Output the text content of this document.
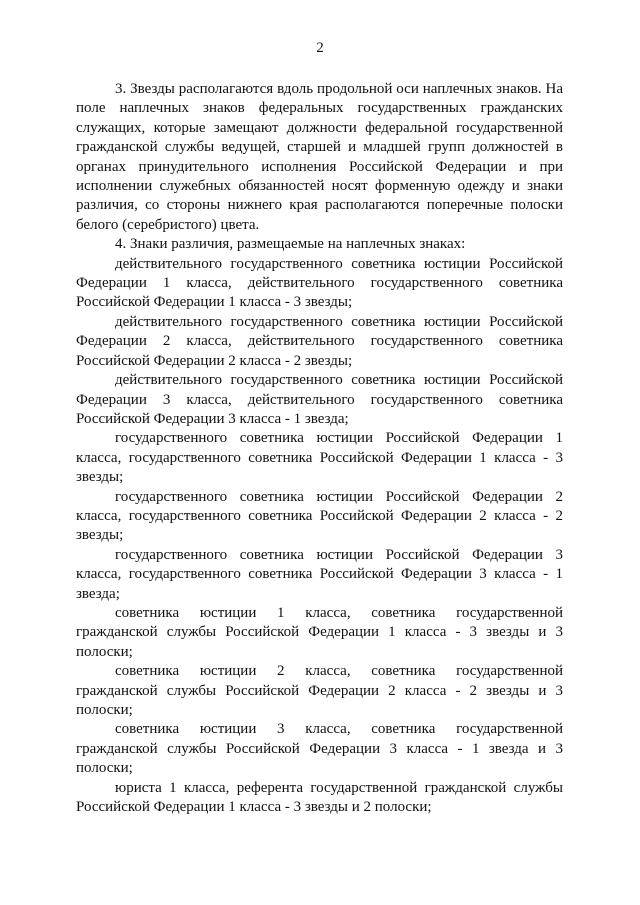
2

3. Звезды располагаются вдоль продольной оси наплечных знаков. На поле наплечных знаков федеральных государственных гражданских служащих, которые замещают должности федеральной государственной гражданской службы ведущей, старшей и младшей групп должностей в органах принудительного исполнения Российской Федерации и при исполнении служебных обязанностей носят форменную одежду и знаки различия, со стороны нижнего края располагаются поперечные полоски белого (серебристого) цвета.

4. Знаки различия, размещаемые на наплечных знаках:

действительного государственного советника юстиции Российской Федерации 1 класса, действительного государственного советника Российской Федерации 1 класса - 3 звезды;

действительного государственного советника юстиции Российской Федерации 2 класса, действительного государственного советника Российской Федерации 2 класса - 2 звезды;

действительного государственного советника юстиции Российской Федерации 3 класса, действительного государственного советника Российской Федерации 3 класса - 1 звезда;

государственного советника юстиции Российской Федерации 1 класса, государственного советника Российской Федерации 1 класса - 3 звезды;

государственного советника юстиции Российской Федерации 2 класса, государственного советника Российской Федерации 2 класса - 2 звезды;

государственного советника юстиции Российской Федерации 3 класса, государственного советника Российской Федерации 3 класса - 1 звезда;

советника юстиции 1 класса, советника государственной гражданской службы Российской Федерации 1 класса - 3 звезды и 3 полоски;

советника юстиции 2 класса, советника государственной гражданской службы Российской Федерации 2 класса - 2 звезды и 3 полоски;

советника юстиции 3 класса, советника государственной гражданской службы Российской Федерации 3 класса - 1 звезда и 3 полоски;

юриста 1 класса, референта государственной гражданской службы Российской Федерации 1 класса - 3 звезды и 2 полоски;
